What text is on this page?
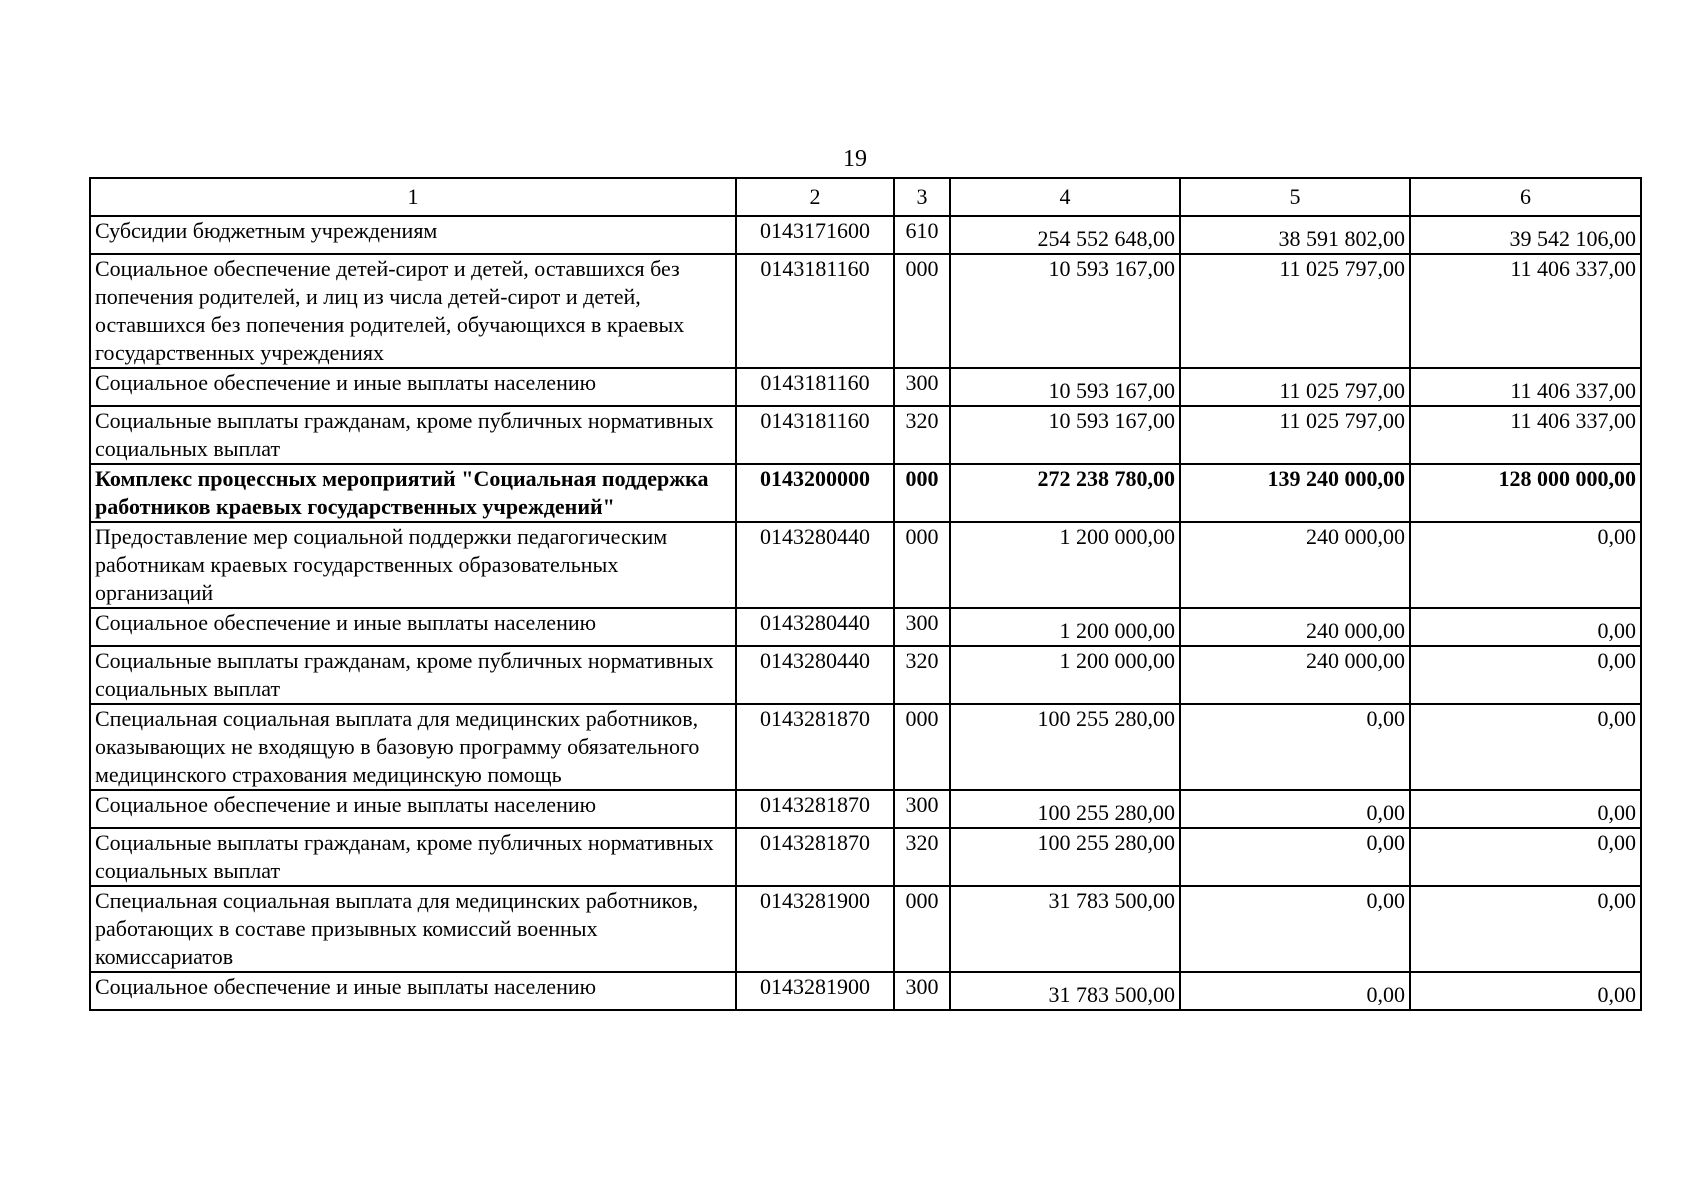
19
1	2	3	4	5	6
Субсидии бюджетным учреждениям	0143171600	610	254 552 648,00	38 591 802,00	39 542 106,00
Социальное обеспечение детей-сирот и детей, оставшихся без попечения родителей, и лиц из числа детей-сирот и детей, оставшихся без попечения родителей, обучающихся в краевых государственных учреждениях	0143181160	000	10 593 167,00	11 025 797,00	11 406 337,00
Социальное обеспечение и иные выплаты населению	0143181160	300	10 593 167,00	11 025 797,00	11 406 337,00
Социальные выплаты гражданам, кроме публичных нормативных социальных выплат	0143181160	320	10 593 167,00	11 025 797,00	11 406 337,00
Комплекс процессных мероприятий "Социальная поддержка работников краевых государственных учреждений"	0143200000	000	272 238 780,00	139 240 000,00	128 000 000,00
Предоставление мер социальной поддержки педагогическим работникам краевых государственных образовательных организаций	0143280440	000	1 200 000,00	240 000,00	0,00
Социальное обеспечение и иные выплаты населению	0143280440	300	1 200 000,00	240 000,00	0,00
Социальные выплаты гражданам, кроме публичных нормативных социальных выплат	0143280440	320	1 200 000,00	240 000,00	0,00
Специальная социальная выплата для медицинских работников, оказывающих не входящую в базовую программу обязательного медицинского страхования медицинскую помощь	0143281870	000	100 255 280,00	0,00	0,00
Социальное обеспечение и иные выплаты населению	0143281870	300	100 255 280,00	0,00	0,00
Социальные выплаты гражданам, кроме публичных нормативных социальных выплат	0143281870	320	100 255 280,00	0,00	0,00
Специальная социальная выплата для медицинских работников, работающих в составе призывных комиссий военных комиссариатов	0143281900	000	31 783 500,00	0,00	0,00
Социальное обеспечение и иные выплаты населению	0143281900	300	31 783 500,00	0,00	0,00
